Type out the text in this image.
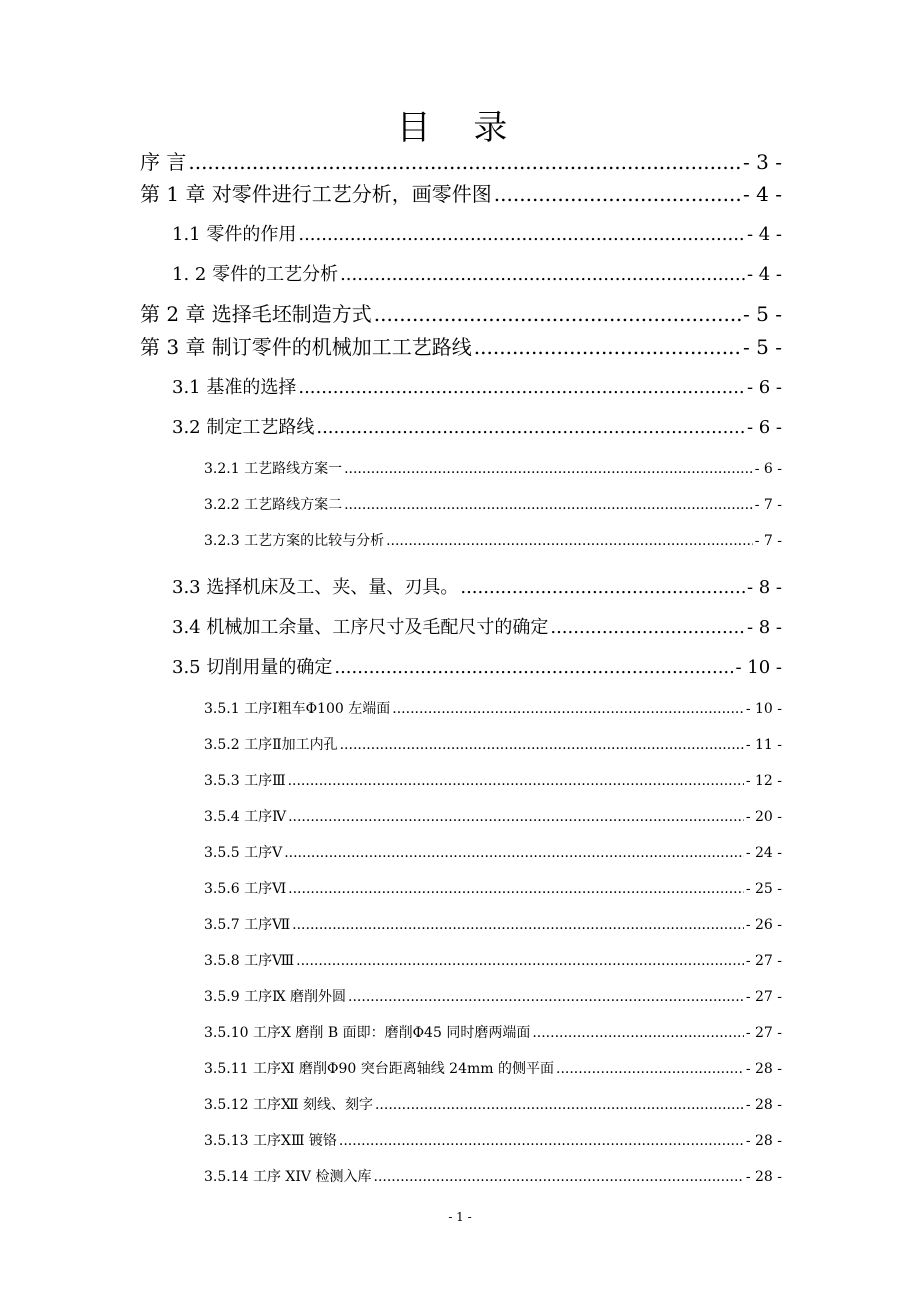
目 录
序 言 .....	- 3 -
第 1 章 对零件进行工艺分析，画零件图 .....	- 4 -
1.1 零件的作用 .....	- 4 -
1. 2 零件的工艺分析 .....	- 4 -
第 2 章 选择毛坯制造方式 .....	- 5 -
第 3 章 制订零件的机械加工工艺路线 .....	- 5 -
3.1 基准的选择 .....	- 6 -
3.2 制定工艺路线 .....	- 6 -
3.2.1 工艺路线方案一 .....	- 6 -
3.2.2 工艺路线方案二 .....	- 7 -
3.2.3 工艺方案的比较与分析 .....	- 7 -
3.3 选择机床及工、夹、量、刃具。 .....	- 8 -
3.4 机械加工余量、工序尺寸及毛配尺寸的确定 .....	- 8 -
3.5 切削用量的确定 .....	- 10 -
3.5.1 工序Ⅰ粗车Φ100 左端面 .....	- 10 -
3.5.2 工序Ⅱ加工内孔 .....	- 11 -
3.5.3 工序Ⅲ .....	- 12 -
3.5.4 工序Ⅳ .....	- 20 -
3.5.5 工序Ⅴ .....	- 24 -
3.5.6 工序Ⅵ .....	- 25 -
3.5.7 工序Ⅶ .....	- 26 -
3.5.8 工序Ⅷ .....	- 27 -
3.5.9 工序Ⅸ 磨削外圆 .....	- 27 -
3.5.10 工序Ⅹ 磨削 B 面即：磨削Φ45 同时磨两端面 .....	- 27 -
3.5.11 工序Ⅺ 磨削Φ90 突台距离轴线 24mm 的侧平面 .....	- 28 -
3.5.12 工序Ⅻ 刻线、刻字 .....	- 28 -
3.5.13 工序ⅩⅢ 镀铬 .....	- 28 -
3.5.14 工序 XIV 检测入库 .....	- 28 -
- 1 -
